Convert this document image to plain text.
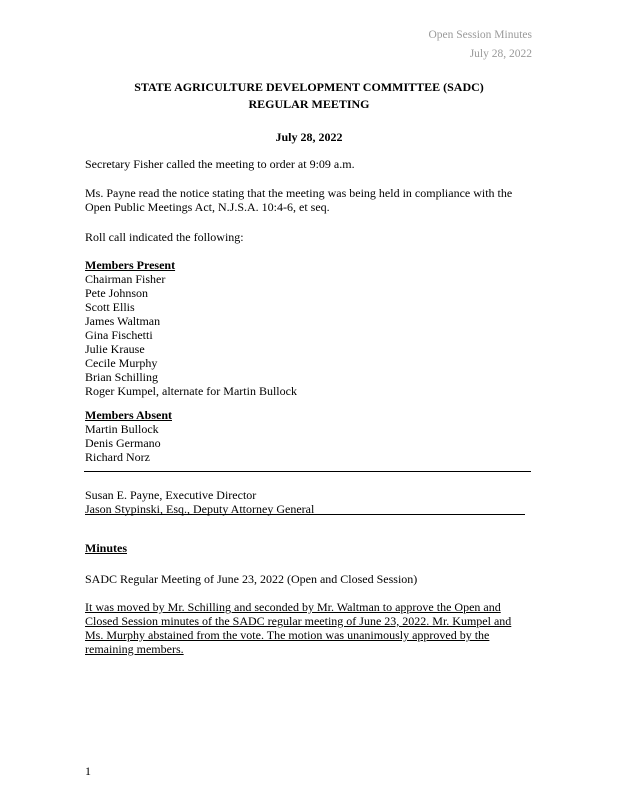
Open Session Minutes
July 28, 2022
STATE AGRICULTURE DEVELOPMENT COMMITTEE (SADC)
REGULAR MEETING
July 28, 2022

Secretary Fisher called the meeting to order at 9:09 a.m.

Ms. Payne read the notice stating that the meeting was being held in compliance with the Open Public Meetings Act, N.J.S.A. 10:4-6, et seq.

Roll call indicated the following:

Members Present
Chairman Fisher
Pete Johnson
Scott Ellis
James Waltman
Gina Fischetti
Julie Krause
Cecile Murphy
Brian Schilling
Roger Kumpel, alternate for Martin Bullock
Members Absent
Martin Bullock
Denis Germano
Richard Norz
Susan E. Payne, Executive Director
Jason Stypinski, Esq., Deputy Attorney General
Minutes

SADC Regular Meeting of June 23, 2022 (Open and Closed Session)

It was moved by Mr. Schilling and seconded by Mr. Waltman to approve the Open and Closed Session minutes of the SADC regular meeting of June 23, 2022. Mr. Kumpel and Ms. Murphy abstained from the vote. The motion was unanimously approved by the remaining members.

1
